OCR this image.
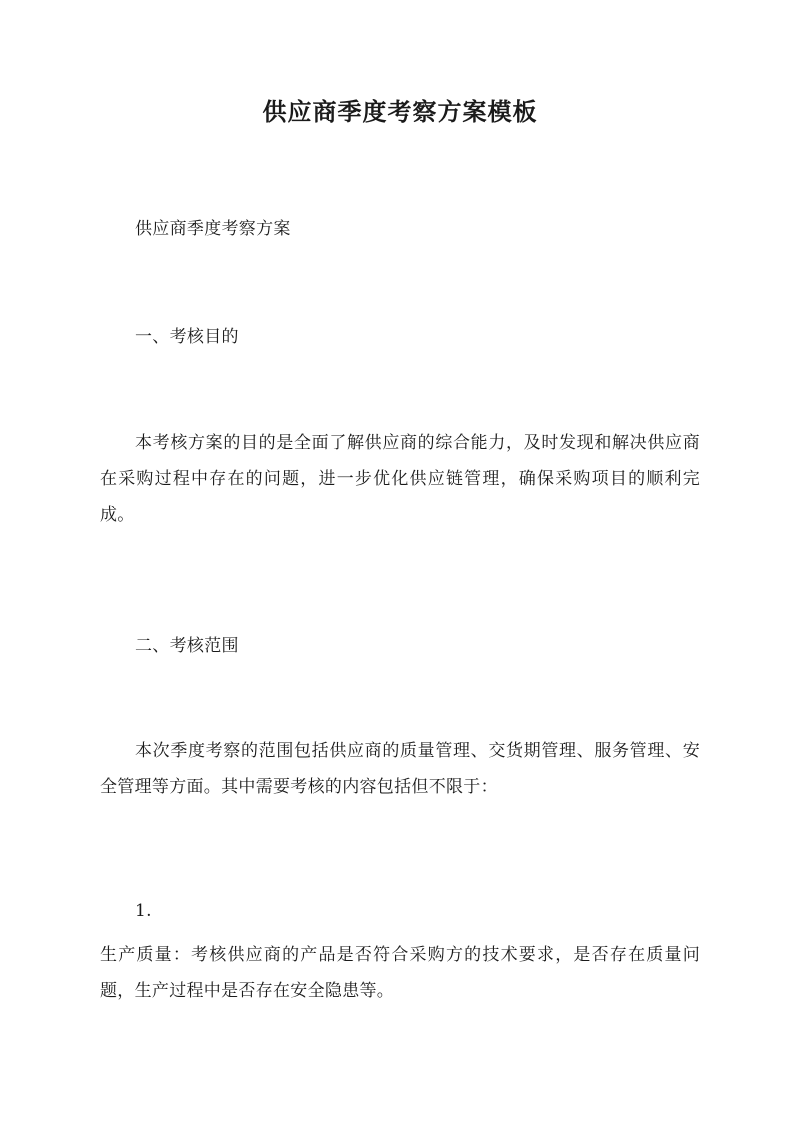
供应商季度考察方案模板
供应商季度考察方案
一、考核目的
本考核方案的目的是全面了解供应商的综合能力，及时发现和解决供应商在采购过程中存在的问题，进一步优化供应链管理，确保采购项目的顺利完成。
二、考核范围
本次季度考察的范围包括供应商的质量管理、交货期管理、服务管理、安全管理等方面。其中需要考核的内容包括但不限于：
1.
生产质量：考核供应商的产品是否符合采购方的技术要求，是否存在质量问题，生产过程中是否存在安全隐患等。
